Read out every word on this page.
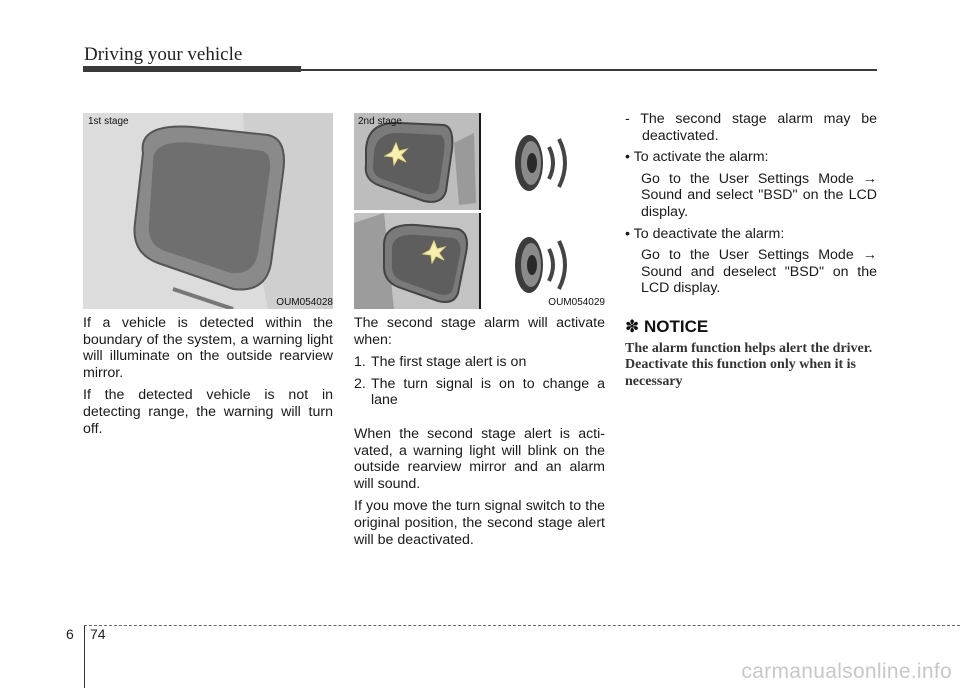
Driving your vehicle
1st stage
OUM054028
2nd stage
OUM054029

If a vehicle is detected within the boundary of the system, a warning light will illuminate on the outside rearview mirror.

If the detected vehicle is not in detecting range, the warning will turn off.

The second stage alarm will activate when:

1. The first stage alert is on
2. The turn signal is on to change a lane

When the second stage alert is acti-vated, a warning light will blink on the outside rearview mirror and an alarm will sound.

If you move the turn signal switch to the original position, the second stage alert will be deactivated.

- The second stage alarm may be deactivated.
• To activate the alarm:
Go to the User Settings Mode → Sound and select "BSD" on the LCD display.
• To deactivate the alarm:
Go to the User Settings Mode → Sound and deselect "BSD" on the LCD display.
✽ NOTICE
The alarm function helps alert the driver. Deactivate this function only when it is necessary
6 74
carmanualsonline.info
